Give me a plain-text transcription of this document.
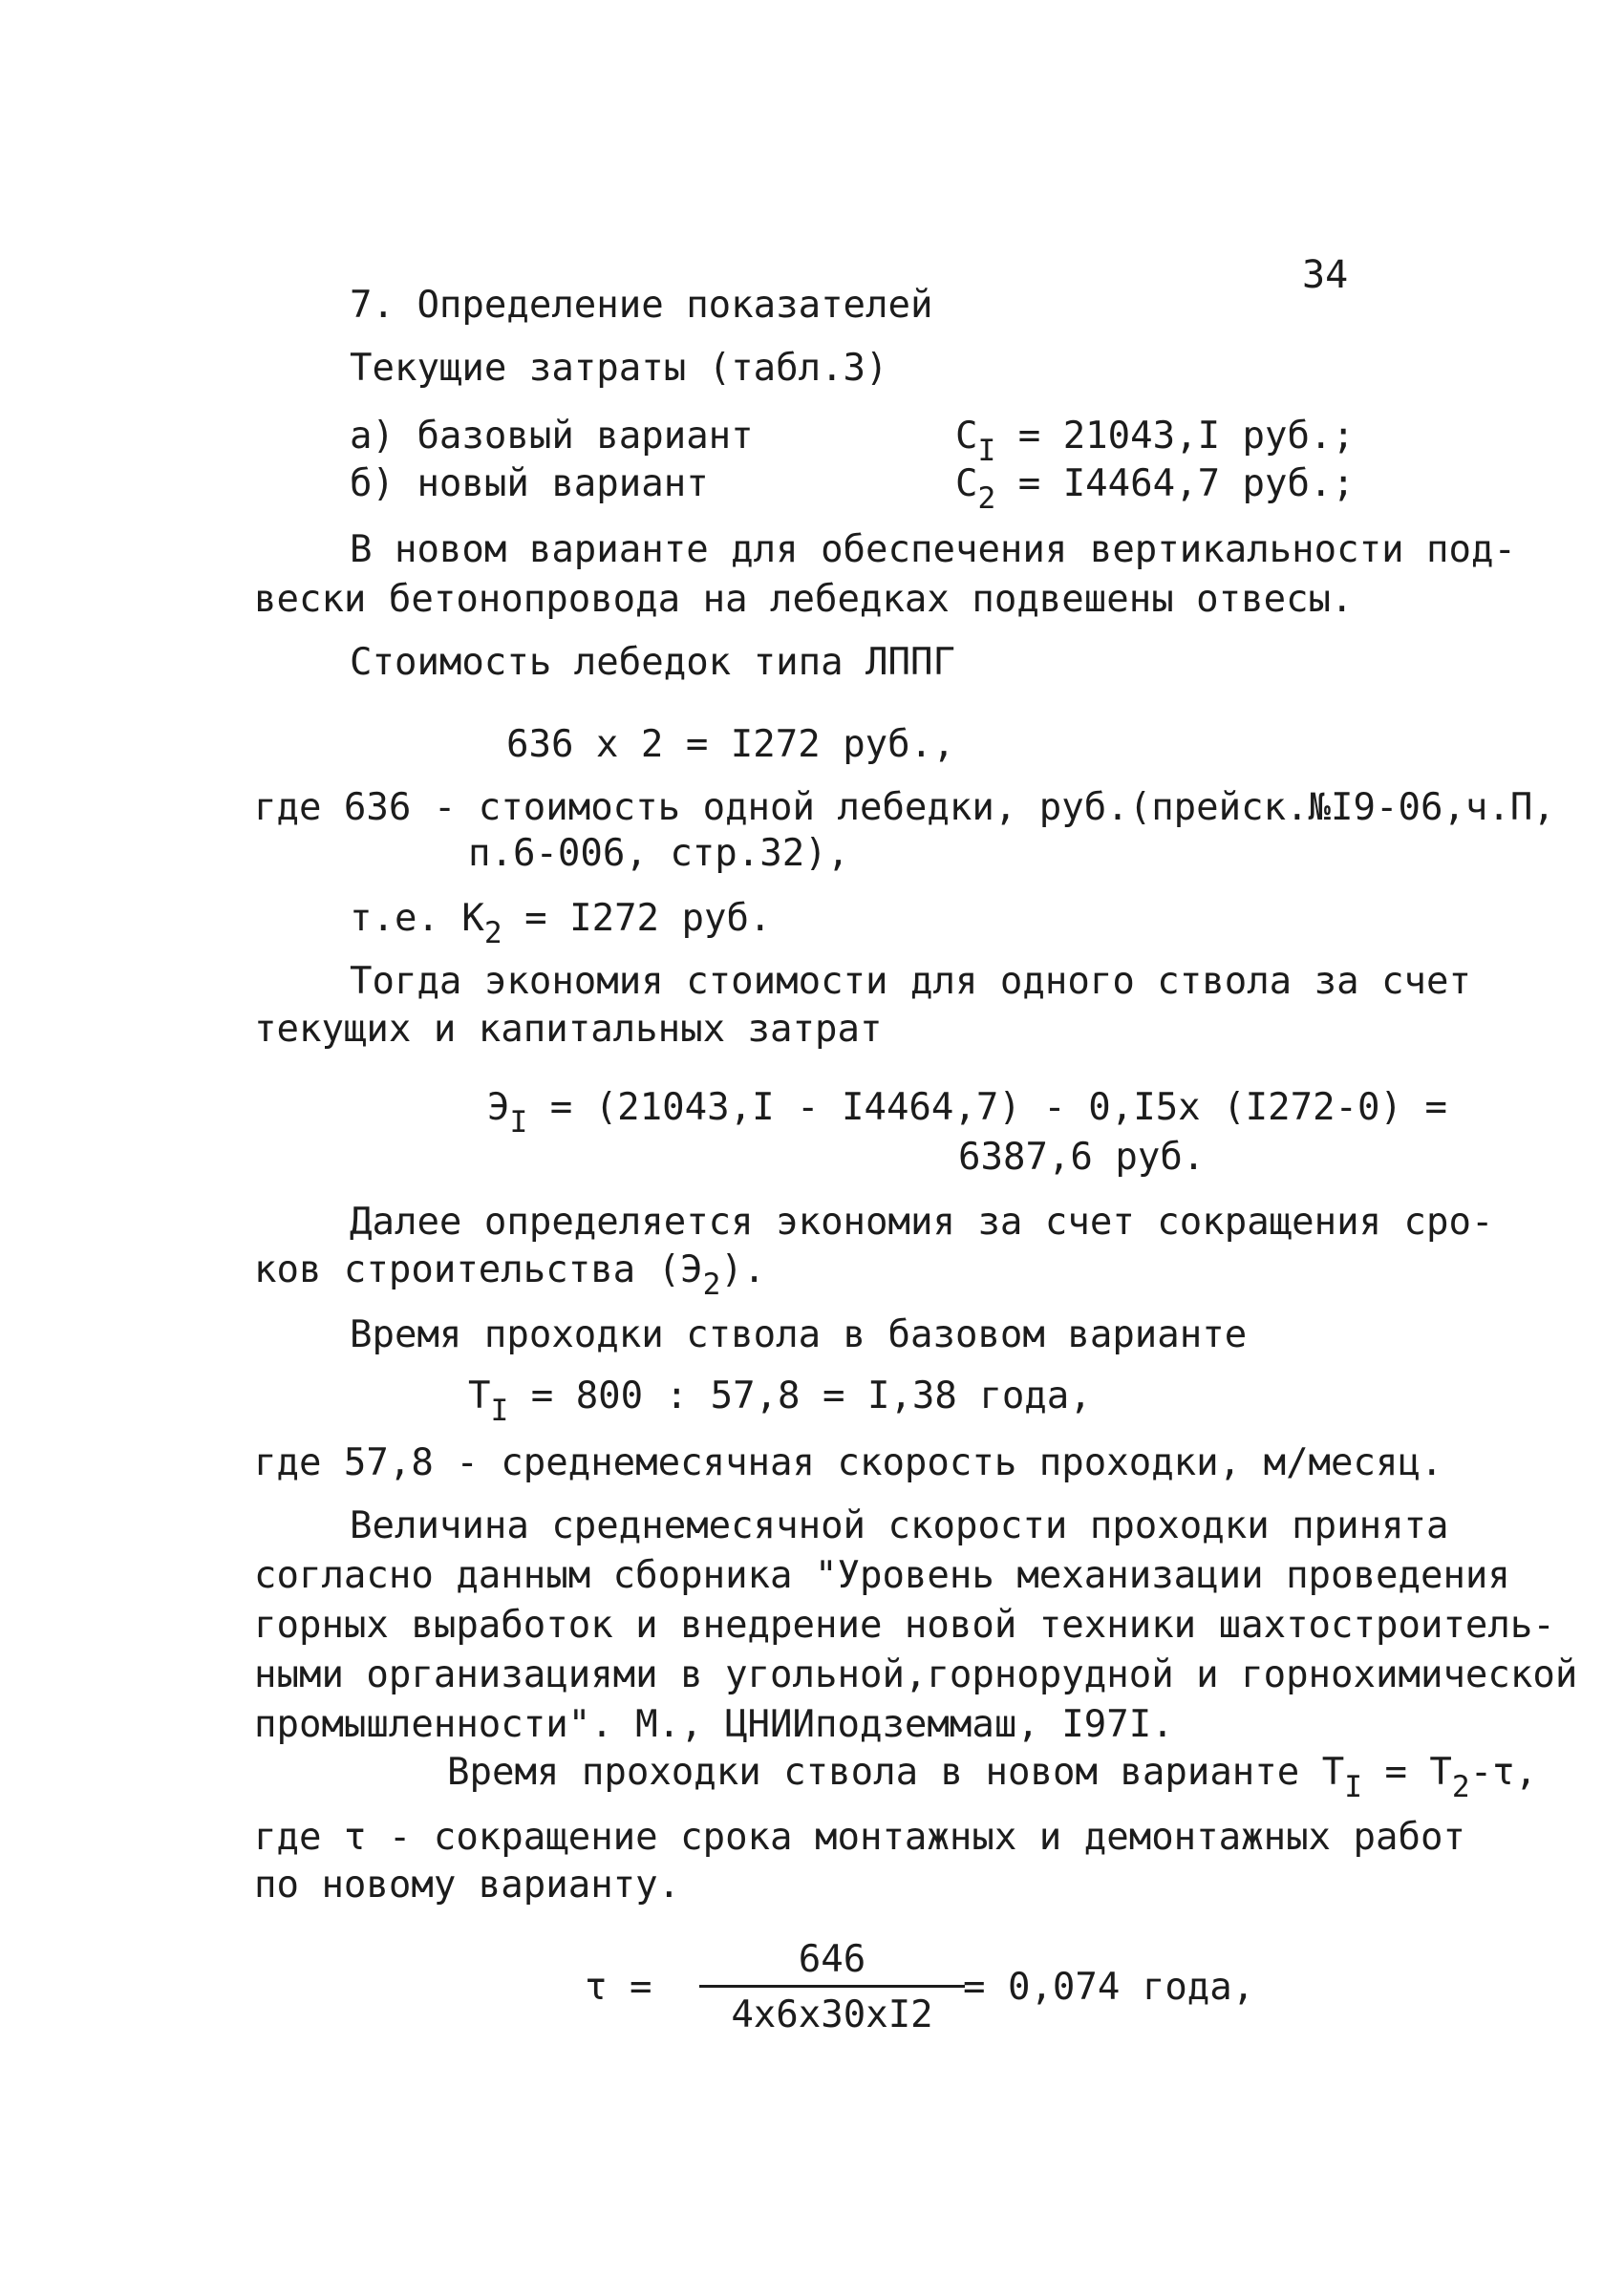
34
7. Определение показателей
Текущие затраты (табл.3)
а) базовый вариант	$C_I = 21043,I$ руб.;
б) новый вариант	$C_2 = I4464,7$ руб.;
В новом варианте для обеспечения вертикальности под-
вески бетонопровода на лебедках подвешены отвесы.
Стоимость лебедок типа ЛППГ
636 х 2 = I272 руб.,
где 636 - стоимость одной лебедки, руб.(прейск.№I9-06,ч.П,
п.6-006, стр.32),
т.е. $К_2 = I272$ руб.
Тогда экономия стоимости для одного ствола за счет
текущих и капитальных затрат
$Э_I = (21043,I - I4464,7) - 0,I5х$ (I272-0) =
6387,6 руб.
Далее определяется экономия за счет сокращения сро-
ков строительства $(Э_2)$.
Время проходки ствола в базовом варианте
$Т_I = 800$ : 57,8 = I,38 года,
где 57,8 - среднемесячная скорость проходки, м/месяц.
Величина среднемесячной скорости проходки принята
согласно данным сборника "Уровень механизации проведения
горных выработок и внедрение новой техники шахтостроитель-
ными организациями в угольной,горнорудной и горнохимической
промышленности". М., ЦНИИподземмаш, I97I.
Время проходки ствола в новом варианте $Т_I = Т_2-\tau$,
где τ - сокращение срока монтажных и демонтажных работ
по новому варианту.
τ =
646
4х6х30хI2
= 0,074 года,
